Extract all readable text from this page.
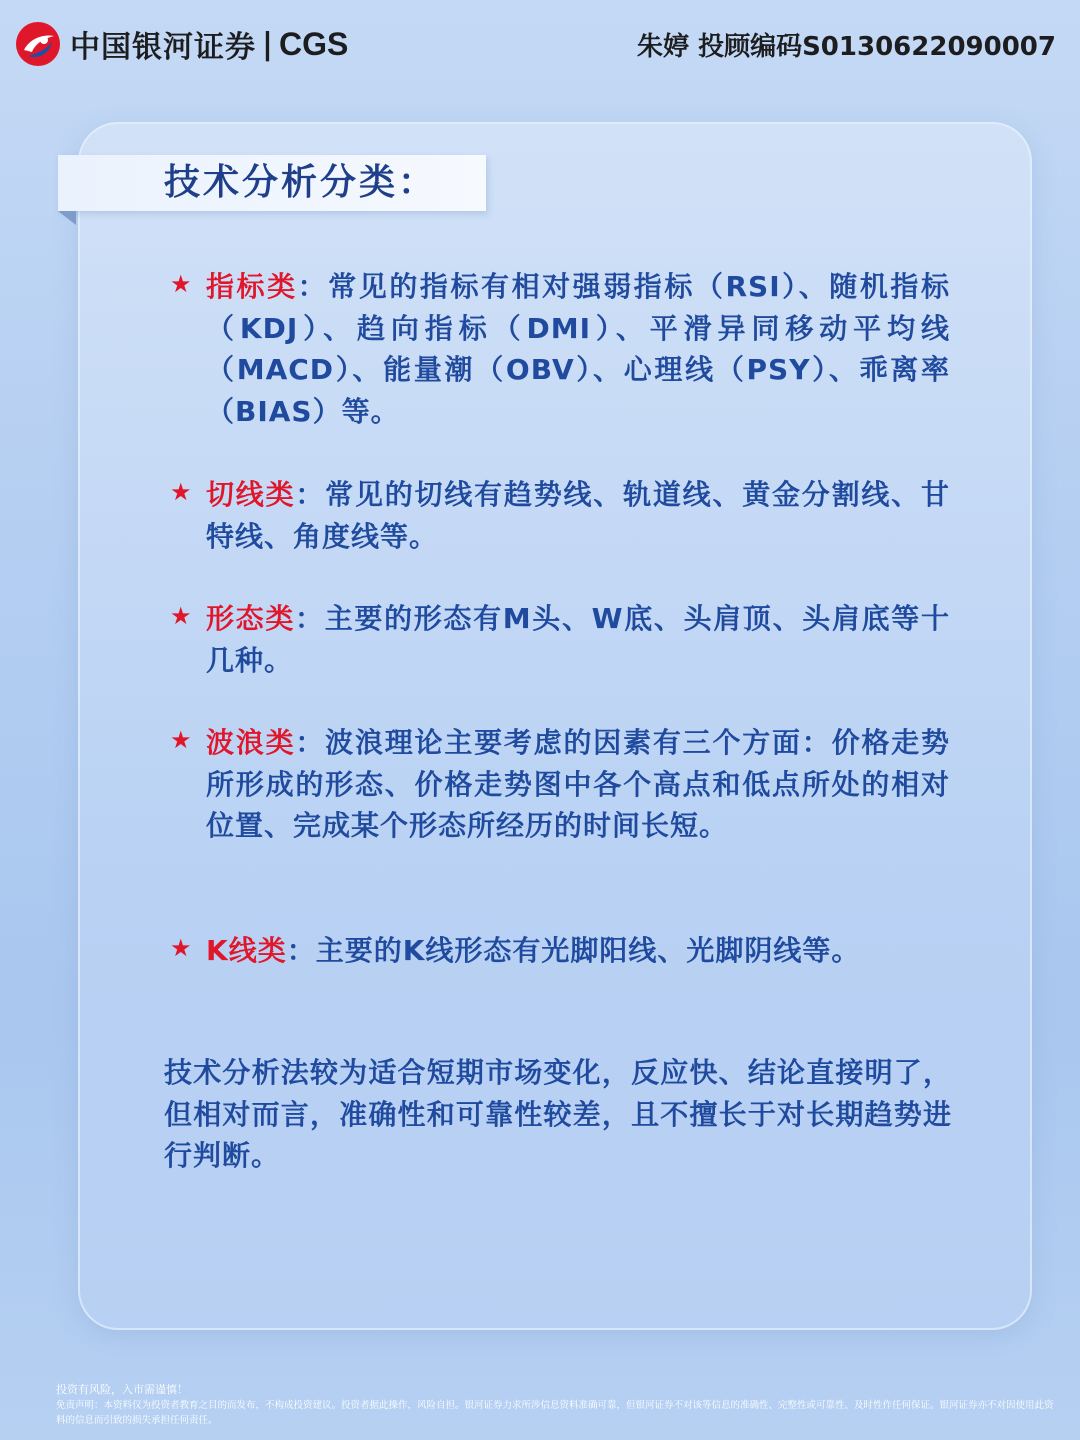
中国银河证券 | CGS	朱婷 投顾编码S0130622090007
技术分析分类：
★ 指标类：常见的指标有相对强弱指标（RSI）、随机指标（KDJ）、趋向指标（DMI）、平滑异同移动平均线（MACD）、能量潮（OBV）、心理线（PSY）、乖离率（BIAS）等。
★ 切线类：常见的切线有趋势线、轨道线、黄金分割线、甘特线、角度线等。
★ 形态类：主要的形态有M头、W底、头肩顶、头肩底等十几种。
★ 波浪类：波浪理论主要考虑的因素有三个方面：价格走势所形成的形态、价格走势图中各个高点和低点所处的相对位置、完成某个形态所经历的时间长短。
★ K线类：主要的K线形态有光脚阳线、光脚阴线等。
技术分析法较为适合短期市场变化，反应快、结论直接明了，但相对而言，准确性和可靠性较差，且不擅长于对长期趋势进行判断。
投资有风险，入市需谨慎！
免责声明：本资料仅为投资者教育之目的而发布，不构成投资建议。投资者据此操作，风险自担。银河证券力求所涉信息资料准确可靠，但银河证券不对该等信息的准确性、完整性或可靠性、及时性作任何保证。银河证券亦不对因使用此资料的信息而引致的损失承担任何责任。
